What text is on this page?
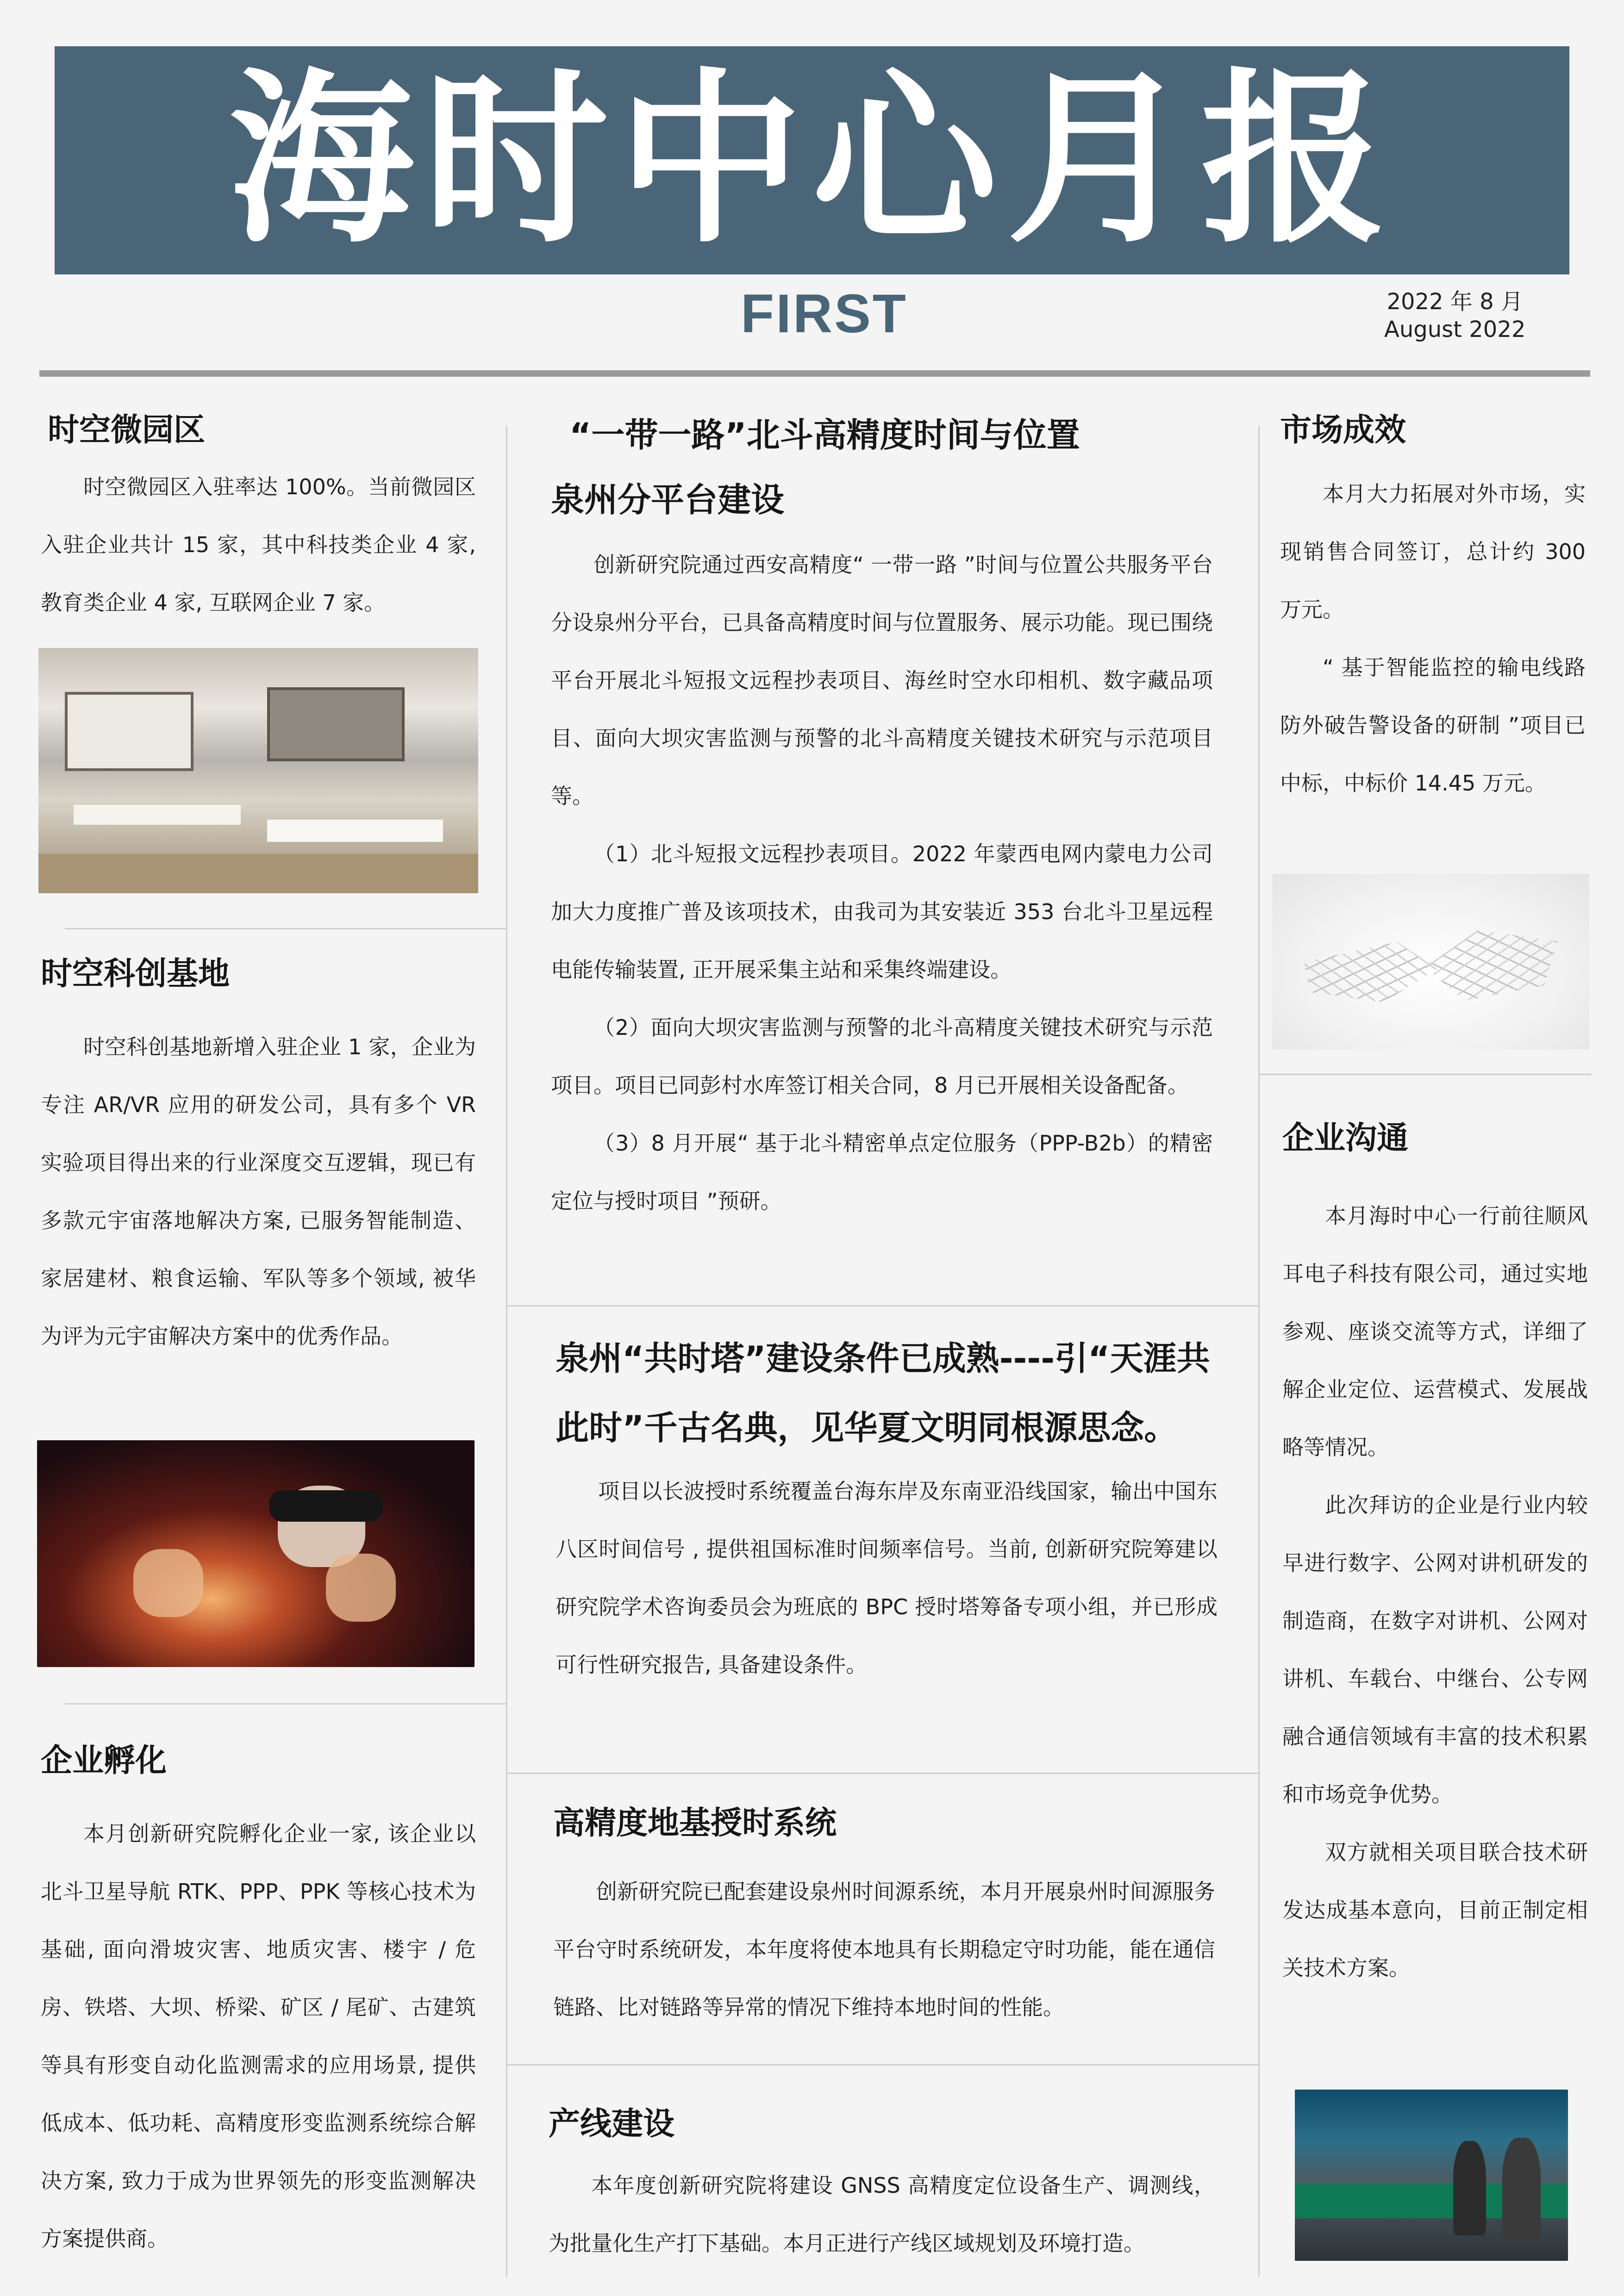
海时中心月报
FIRST	2022 年 8 月
August 2022
时空微园区

时空微园区入驻率达 100%。当前微园区入驻企业共计 15 家，其中科技类企业 4 家, 教育类企业 4 家, 互联网企业 7 家。

时空科创基地

时空科创基地新增入驻企业 1 家，企业为专注 AR/VR 应用的研发公司，具有多个 VR 实验项目得出来的行业深度交互逻辑，现已有多款元宇宙落地解决方案, 已服务智能制造、家居建材、粮食运输、军队等多个领域, 被华为评为元宇宙解决方案中的优秀作品。

企业孵化

本月创新研究院孵化企业一家, 该企业以北斗卫星导航 RTK、PPP、PPK 等核心技术为基础, 面向滑坡灾害、地质灾害、楼宇 / 危房、铁塔、大坝、桥梁、矿区 / 尾矿、古建筑等具有形变自动化监测需求的应用场景, 提供低成本、低功耗、高精度形变监测系统综合解决方案, 致力于成为世界领先的形变监测解决方案提供商。

“一带一路”北斗高精度时间与位置
泉州分平台建设

创新研究院通过西安高精度“ 一带一路 ”时间与位置公共服务平台分设泉州分平台，已具备高精度时间与位置服务、展示功能。现已围绕平台开展北斗短报文远程抄表项目、海丝时空水印相机、数字藏品项目、面向大坝灾害监测与预警的北斗高精度关键技术研究与示范项目等。

（1）北斗短报文远程抄表项目。2022 年蒙西电网内蒙电力公司加大力度推广普及该项技术，由我司为其安装近 353 台北斗卫星远程电能传输装置, 正开展采集主站和采集终端建设。

（2）面向大坝灾害监测与预警的北斗高精度关键技术研究与示范项目。项目已同彭村水库签订相关合同，8 月已开展相关设备配备。

（3）8 月开展“ 基于北斗精密单点定位服务（PPP-B2b）的精密定位与授时项目 ”预研。

泉州“共时塔”建设条件已成熟----引“天涯共此时”千古名典，见华夏文明同根源思念。

项目以长波授时系统覆盖台海东岸及东南亚沿线国家，输出中国东八区时间信号 , 提供祖国标准时间频率信号。当前, 创新研究院筹建以研究院学术咨询委员会为班底的 BPC 授时塔筹备专项小组，并已形成可行性研究报告, 具备建设条件。

高精度地基授时系统

创新研究院已配套建设泉州时间源系统，本月开展泉州时间源服务平台守时系统研发，本年度将使本地具有长期稳定守时功能，能在通信链路、比对链路等异常的情况下维持本地时间的性能。

产线建设

本年度创新研究院将建设 GNSS 高精度定位设备生产、调测线，为批量化生产打下基础。本月正进行产线区域规划及环境打造。

市场成效

本月大力拓展对外市场，实现销售合同签订，总计约 300 万元。

“ 基于智能监控的输电线路防外破告警设备的研制 ”项目已中标，中标价 14.45 万元。

企业沟通

本月海时中心一行前往顺风耳电子科技有限公司，通过实地参观、座谈交流等方式，详细了解企业定位、运营模式、发展战略等情况。

此次拜访的企业是行业内较早进行数字、公网对讲机研发的制造商，在数字对讲机、公网对讲机、车载台、中继台、公专网融合通信领域有丰富的技术积累和市场竞争优势。

双方就相关项目联合技术研发达成基本意向，目前正制定相关技术方案。
